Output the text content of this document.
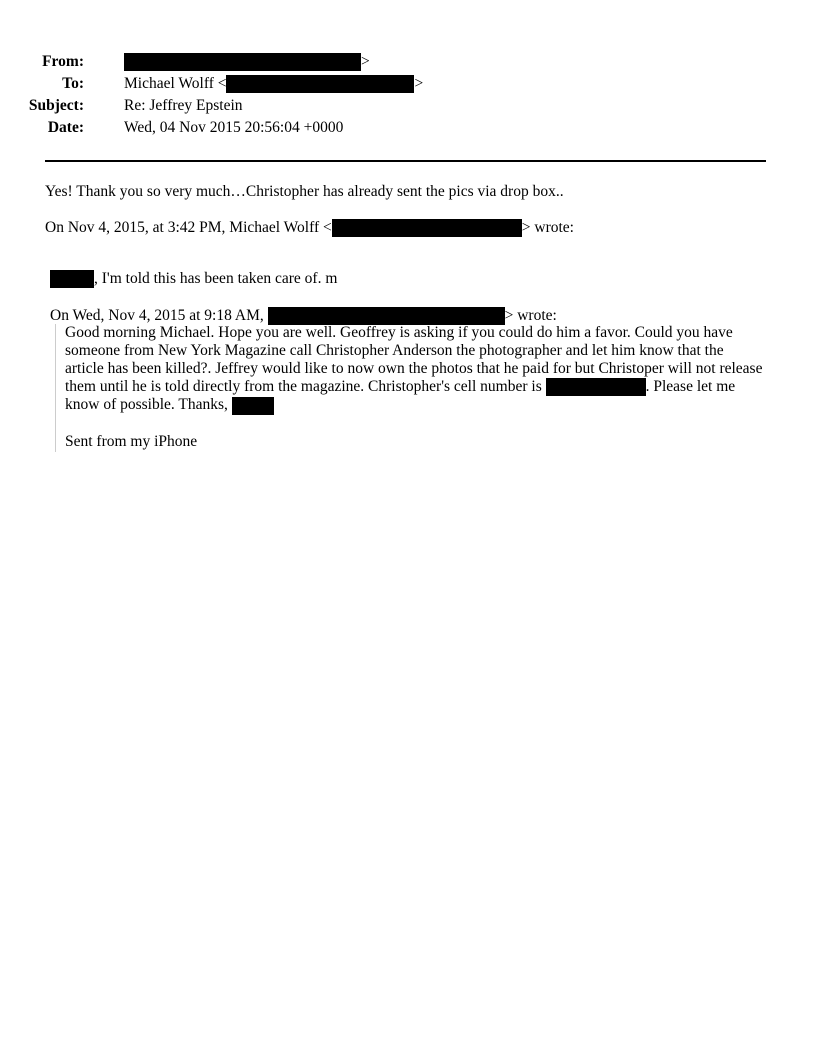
From:	>
To:	Michael Wolff <	>
Subject:	Re: Jeffrey Epstein
Date:	Wed, 04 Nov 2015 20:56:04 +0000
Yes! Thank you so very much…Christopher has already sent the pics via drop box..
On Nov 4, 2015, at 3:42 PM, Michael Wolff <	> wrote:
, I'm told this has been taken care of. m
On Wed, Nov 4, 2015 at 9:18 AM,	> wrote:

Good morning Michael. Hope you are well. Geoffrey is asking if you could do him a favor. Could you have someone from New York Magazine call Christopher Anderson the photographer and let him know that the article has been killed?. Jeffrey would like to now own the photos that he paid for but Christoper will not release them until he is told directly from the magazine. Christopher's cell number is	. Please let me know of possible. Thanks,

Sent from my iPhone
